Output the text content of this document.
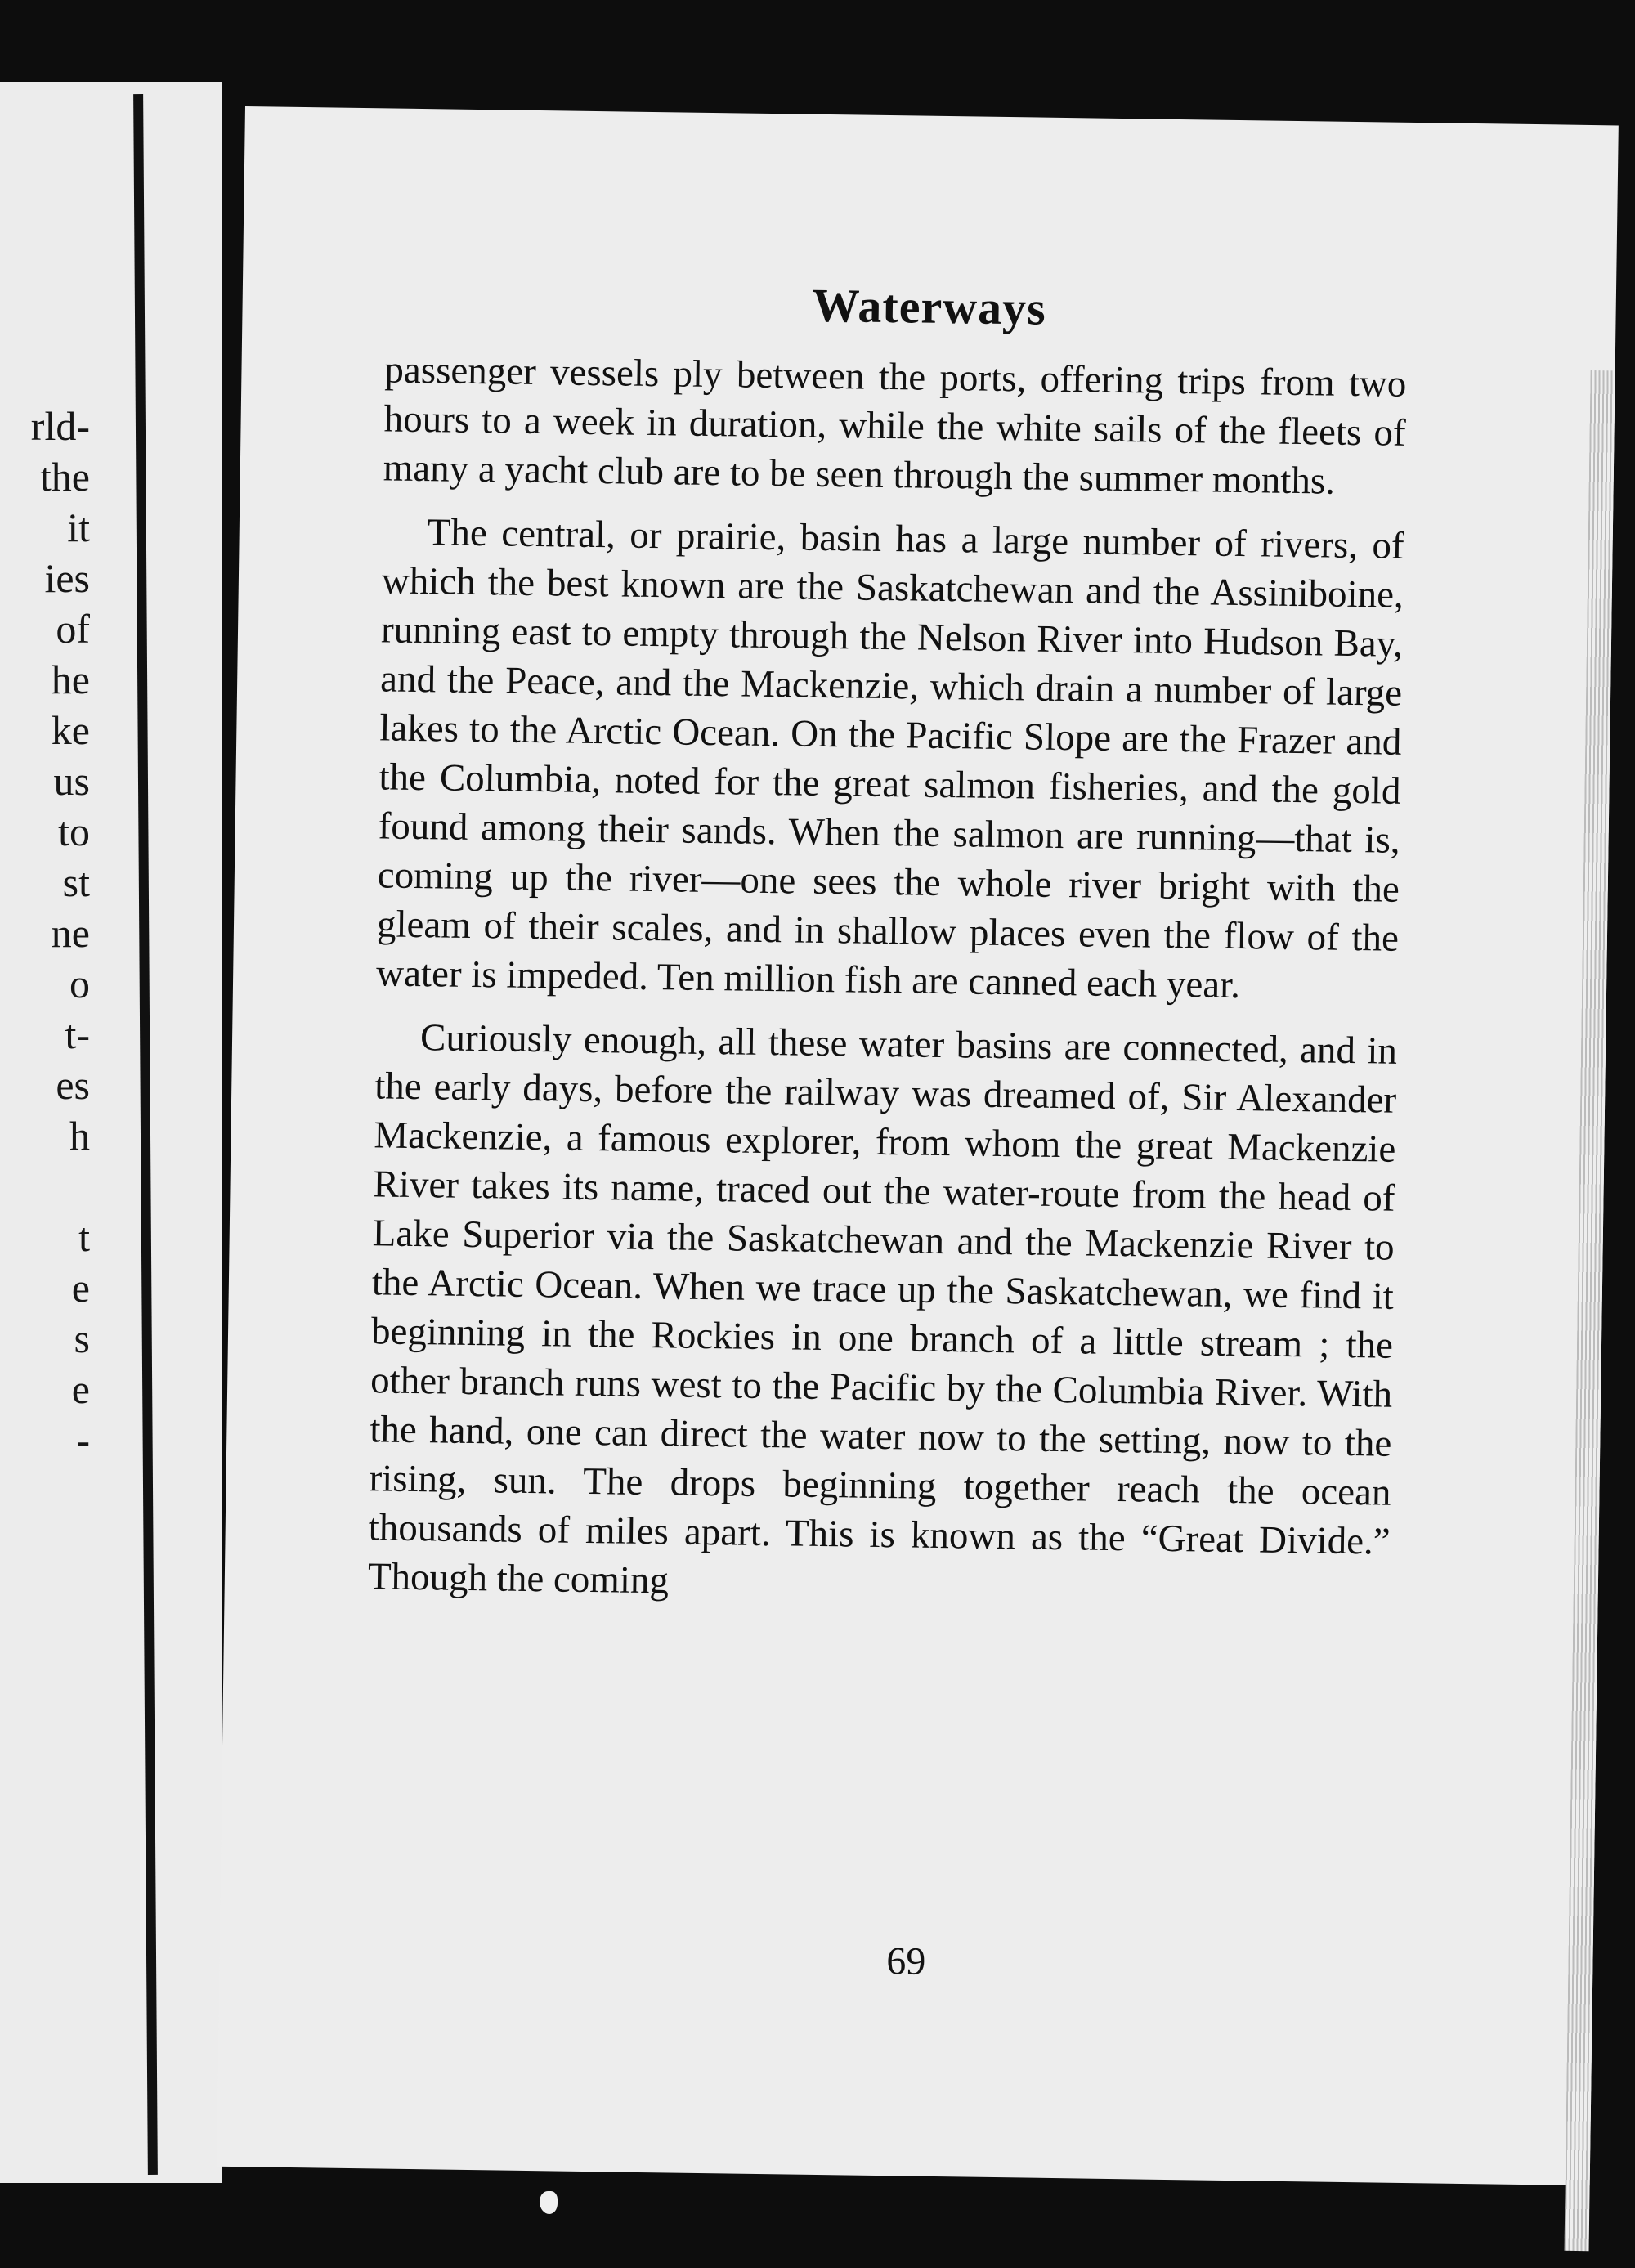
rld-
the
it
ies
of
he
ke
us
to
st
ne
o
t-
es
h
t
e
s
e
-
Waterways

passenger vessels ply between the ports, offering trips from two hours to a week in duration, while the white sails of the fleets of many a yacht club are to be seen through the summer months.

The central, or prairie, basin has a large number of rivers, of which the best known are the Saskatchewan and the Assiniboine, running east to empty through the Nelson River into Hudson Bay, and the Peace, and the Mackenzie, which drain a number of large lakes to the Arctic Ocean. On the Pacific Slope are the Frazer and the Columbia, noted for the great salmon fisheries, and the gold found among their sands. When the salmon are running—that is, coming up the river—one sees the whole river bright with the gleam of their scales, and in shallow places even the flow of the water is impeded. Ten million fish are canned each year.

Curiously enough, all these water basins are connected, and in the early days, before the railway was dreamed of, Sir Alexander Mackenzie, a famous explorer, from whom the great Mackenzie River takes its name, traced out the water-route from the head of Lake Superior via the Saskatchewan and the Mackenzie River to the Arctic Ocean. When we trace up the Saskatchewan, we find it beginning in the Rockies in one branch of a little stream ; the other branch runs west to the Pacific by the Columbia River. With the hand, one can direct the water now to the setting, now to the rising, sun. The drops beginning together reach the ocean thousands of miles apart. This is known as the “Great Divide.” Though the coming

69
